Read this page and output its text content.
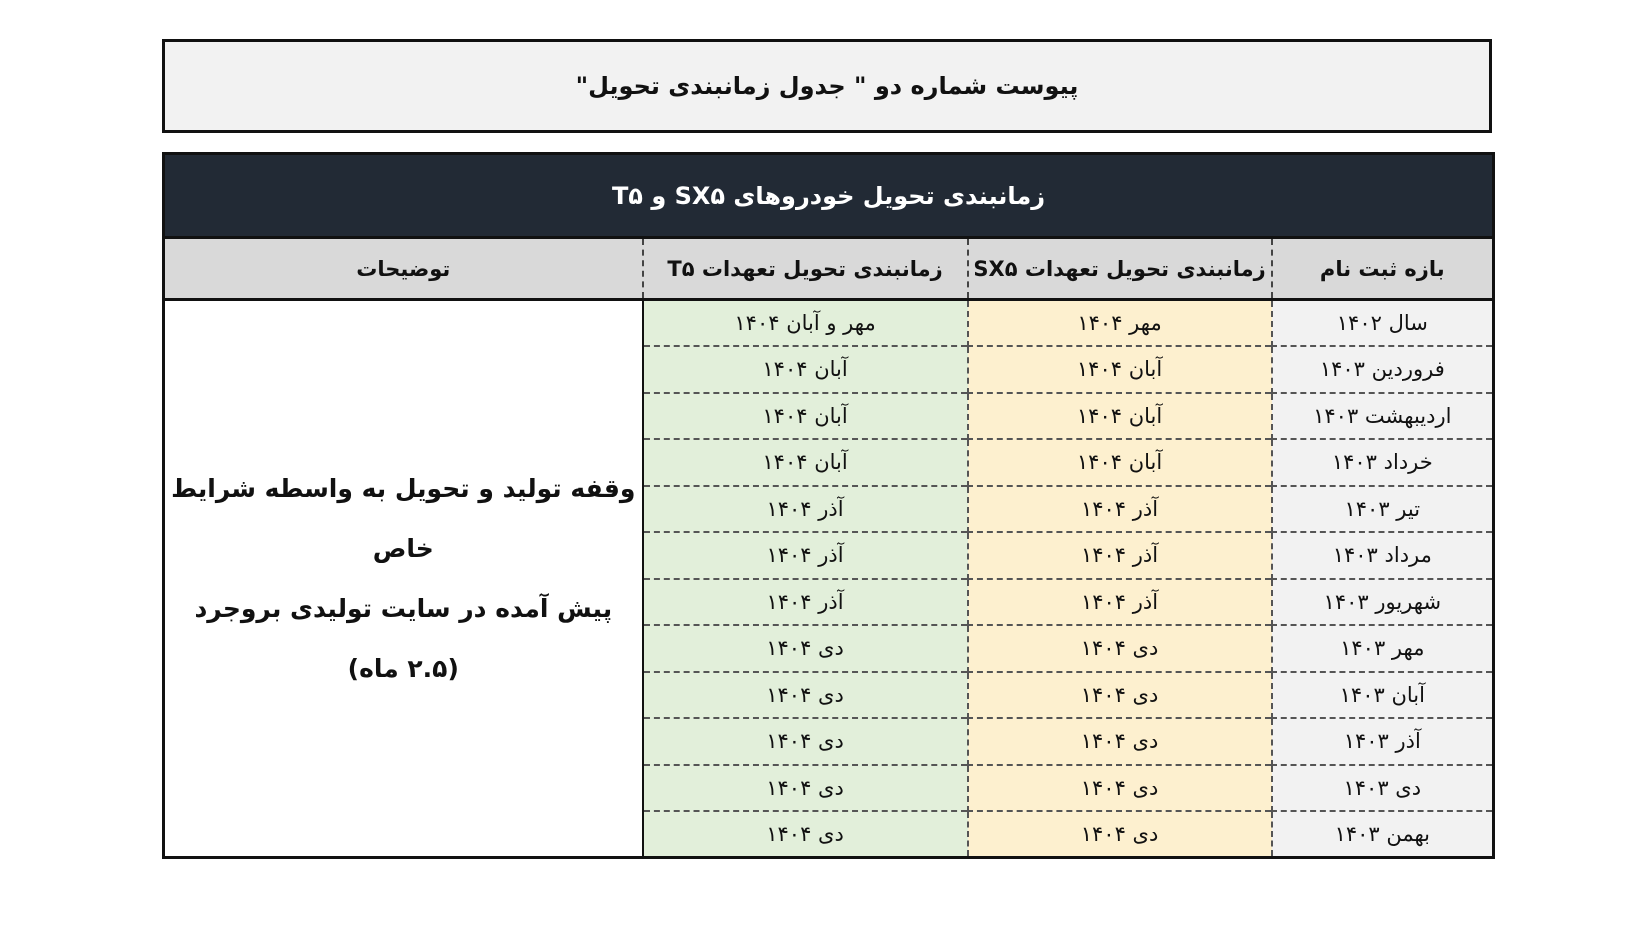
پیوست شماره دو " جدول زمانبندی تحویل"
زمانبندی تحویل خودروهای SX۵ و T۵			
بازه ثبت نام	زمانبندی تحویل تعهدات SX۵	زمانبندی تحویل تعهدات T۵	توضیحات
سال ۱۴۰۲	مهر ۱۴۰۴	مهر و آبان ۱۴۰۴	وقفه تولید و تحویل به واسطه شرایط خاص
پیش آمده در سایت تولیدی بروجرد
(۲.۵ ماه)

فروردین ۱۴۰۳	آبان ۱۴۰۴	آبان ۱۴۰۴	
اردیبهشت ۱۴۰۳	آبان ۱۴۰۴	آبان ۱۴۰۴	
خرداد ۱۴۰۳	آبان ۱۴۰۴	آبان ۱۴۰۴	
تیر ۱۴۰۳	آذر ۱۴۰۴	آذر ۱۴۰۴	
مرداد ۱۴۰۳	آذر ۱۴۰۴	آذر ۱۴۰۴	
شهریور ۱۴۰۳	آذر ۱۴۰۴	آذر ۱۴۰۴	
مهر ۱۴۰۳	دی ۱۴۰۴	دی ۱۴۰۴	
آبان ۱۴۰۳	دی ۱۴۰۴	دی ۱۴۰۴	
آذر ۱۴۰۳	دی ۱۴۰۴	دی ۱۴۰۴	
دی ۱۴۰۳	دی ۱۴۰۴	دی ۱۴۰۴	
بهمن ۱۴۰۳	دی ۱۴۰۴	دی ۱۴۰۴	
